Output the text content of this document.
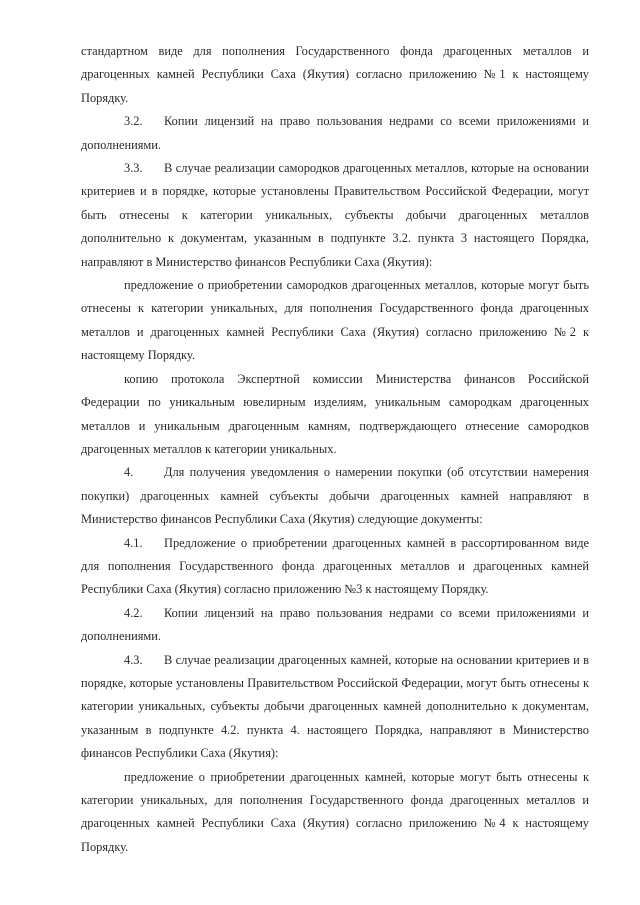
стандартном виде для пополнения Государственного фонда драгоценных металлов и драгоценных камней Республики Саха (Якутия) согласно приложению №1 к настоящему Порядку.

3.2. Копии лицензий на право пользования недрами со всеми приложениями и дополнениями.

3.3. В случае реализации самородков драгоценных металлов, которые на основании критериев и в порядке, которые установлены Правительством Российской Федерации, могут быть отнесены к категории уникальных, субъекты добычи драгоценных металлов дополнительно к документам, указанным в подпункте 3.2. пункта 3 настоящего Порядка, направляют в Министерство финансов Республики Саха (Якутия):

предложение о приобретении самородков драгоценных металлов, которые могут быть отнесены к категории уникальных, для пополнения Государственного фонда драгоценных металлов и драгоценных камней Республики Саха (Якутия) согласно приложению №2 к настоящему Порядку.

копию протокола Экспертной комиссии Министерства финансов Российской Федерации по уникальным ювелирным изделиям, уникальным самородкам драгоценных металлов и уникальным драгоценным камням, подтверждающего отнесение самородков драгоценных металлов к категории уникальных.

4. Для получения уведомления о намерении покупки (об отсутствии намерения покупки) драгоценных камней субъекты добычи драгоценных камней направляют в Министерство финансов Республики Саха (Якутия) следующие документы:

4.1. Предложение о приобретении драгоценных камней в рассортированном виде для пополнения Государственного фонда драгоценных металлов и драгоценных камней Республики Саха (Якутия) согласно приложению №3 к настоящему Порядку.

4.2. Копии лицензий на право пользования недрами со всеми приложениями и дополнениями.

4.3. В случае реализации драгоценных камней, которые на основании критериев и в порядке, которые установлены Правительством Российской Федерации, могут быть отнесены к категории уникальных, субъекты добычи драгоценных камней дополнительно к документам, указанным в подпункте 4.2. пункта 4. настоящего Порядка, направляют в Министерство финансов Республики Саха (Якутия):

предложение о приобретении драгоценных камней, которые могут быть отнесены к категории уникальных, для пополнения Государственного фонда драгоценных металлов и драгоценных камней Республики Саха (Якутия) согласно приложению №4 к настоящему Порядку.
